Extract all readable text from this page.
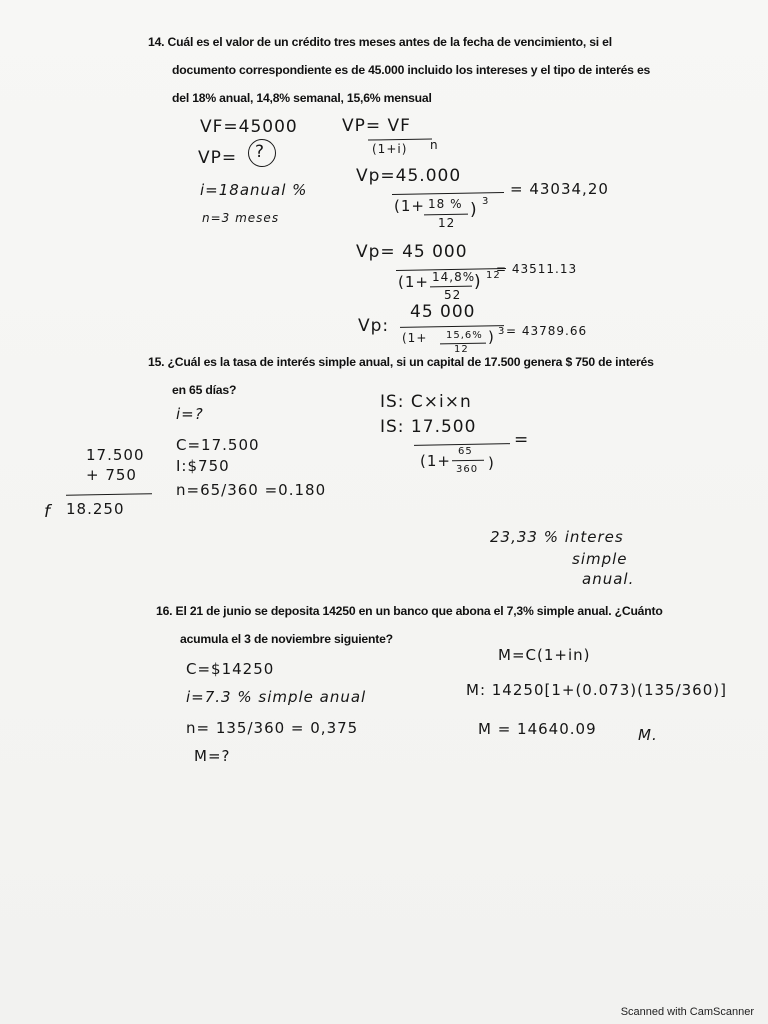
14. Cuál es el valor de un crédito tres meses antes de la fecha de vencimiento, si el
documento correspondiente es de 45.000 incluido los intereses y el tipo de interés es
del 18% anual, 14,8% semanal, 15,6% mensual
VF=45000
VP= ?
i=18anual %
n=3 meses
VP= VF
(1+i) n
Vp=45.000
(1+ 18 %
12
) 3
= 43034,20
Vp= 45 000
(1+ 14,8%
52
) 12
= 43511.13
Vp:
45 000
(1+ 15,6%
12
) 3 = 43789.66
15. ¿Cuál es la tasa de interés simple anual, si un capital de 17.500 genera $ 750 de interés
en 65 días?
i=?
C=17.500
I:$750
n=65/360 =0.180
17.500
+ 750
f 18.250
IS: C×i×n
IS: 17.500
(1+
65
360 )
=
23,33 % interes
simple
anual.
16. El 21 de junio se deposita 14250 en un banco que abona el 7,3% simple anual. ¿Cuánto
acumula el 3 de noviembre siguiente?
C=$14250
i=7.3 % simple anual
n= 135/360 = 0,375
M=?
M=C(1+in)
M: 14250[1+(0.073)(135/360)]
M = 14640.09	M.
Scanned with CamScanner
